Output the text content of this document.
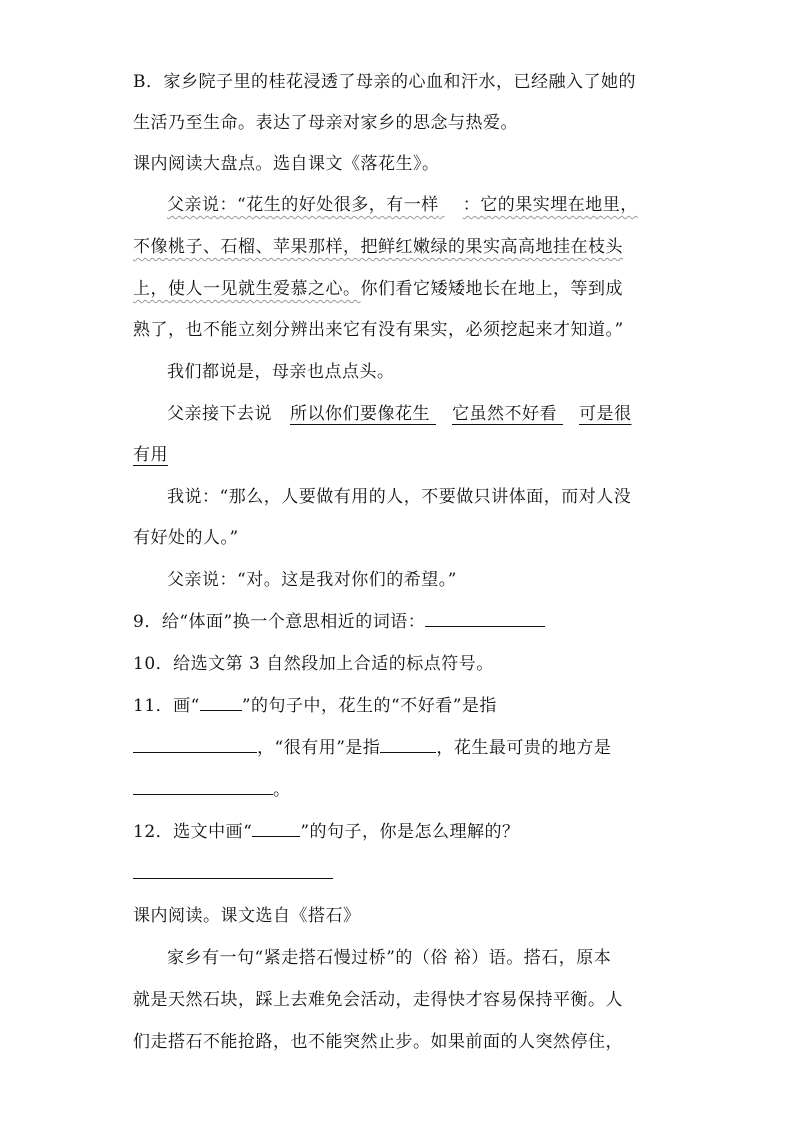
B．家乡院子里的桂花浸透了母亲的心血和汗水，已经融入了她的
生活乃至生命。表达了母亲对家乡的思念与热爱。
课内阅读大盘点。选自课文《落花生》。
父亲说：“花生的好处很多，有一样 ：它的果实埋在地里，
不像桃子、石榴、苹果那样，把鲜红嫩绿的果实高高地挂在枝头
上，使人一见就生爱慕之心。你们看它矮矮地长在地上，等到成
熟了，也不能立刻分辨出来它有没有果实，必须挖起来才知道。”
我们都说是，母亲也点点头。
父亲接下去说 所以你们要像花生 它虽然不好看 可是很
有用
我说：“那么，人要做有用的人，不要做只讲体面，而对人没
有好处的人。”
父亲说：“对。这是我对你们的希望。”
9．给“体面”换一个意思相近的词语：
10．给选文第 3 自然段加上合适的标点符号。
11．画“ ”的句子中，花生的“不好看”是指
，“很有用”是指	，花生最可贵的地方是
。
12．选文中画“	”的句子，你是怎么理解的？
课内阅读。课文选自《搭石》
家乡有一句“紧走搭石慢过桥”的（俗 裕）语。搭石，原本
就是天然石块，踩上去难免会活动，走得快才容易保持平衡。人
们走搭石不能抢路，也不能突然止步。如果前面的人突然停住，
